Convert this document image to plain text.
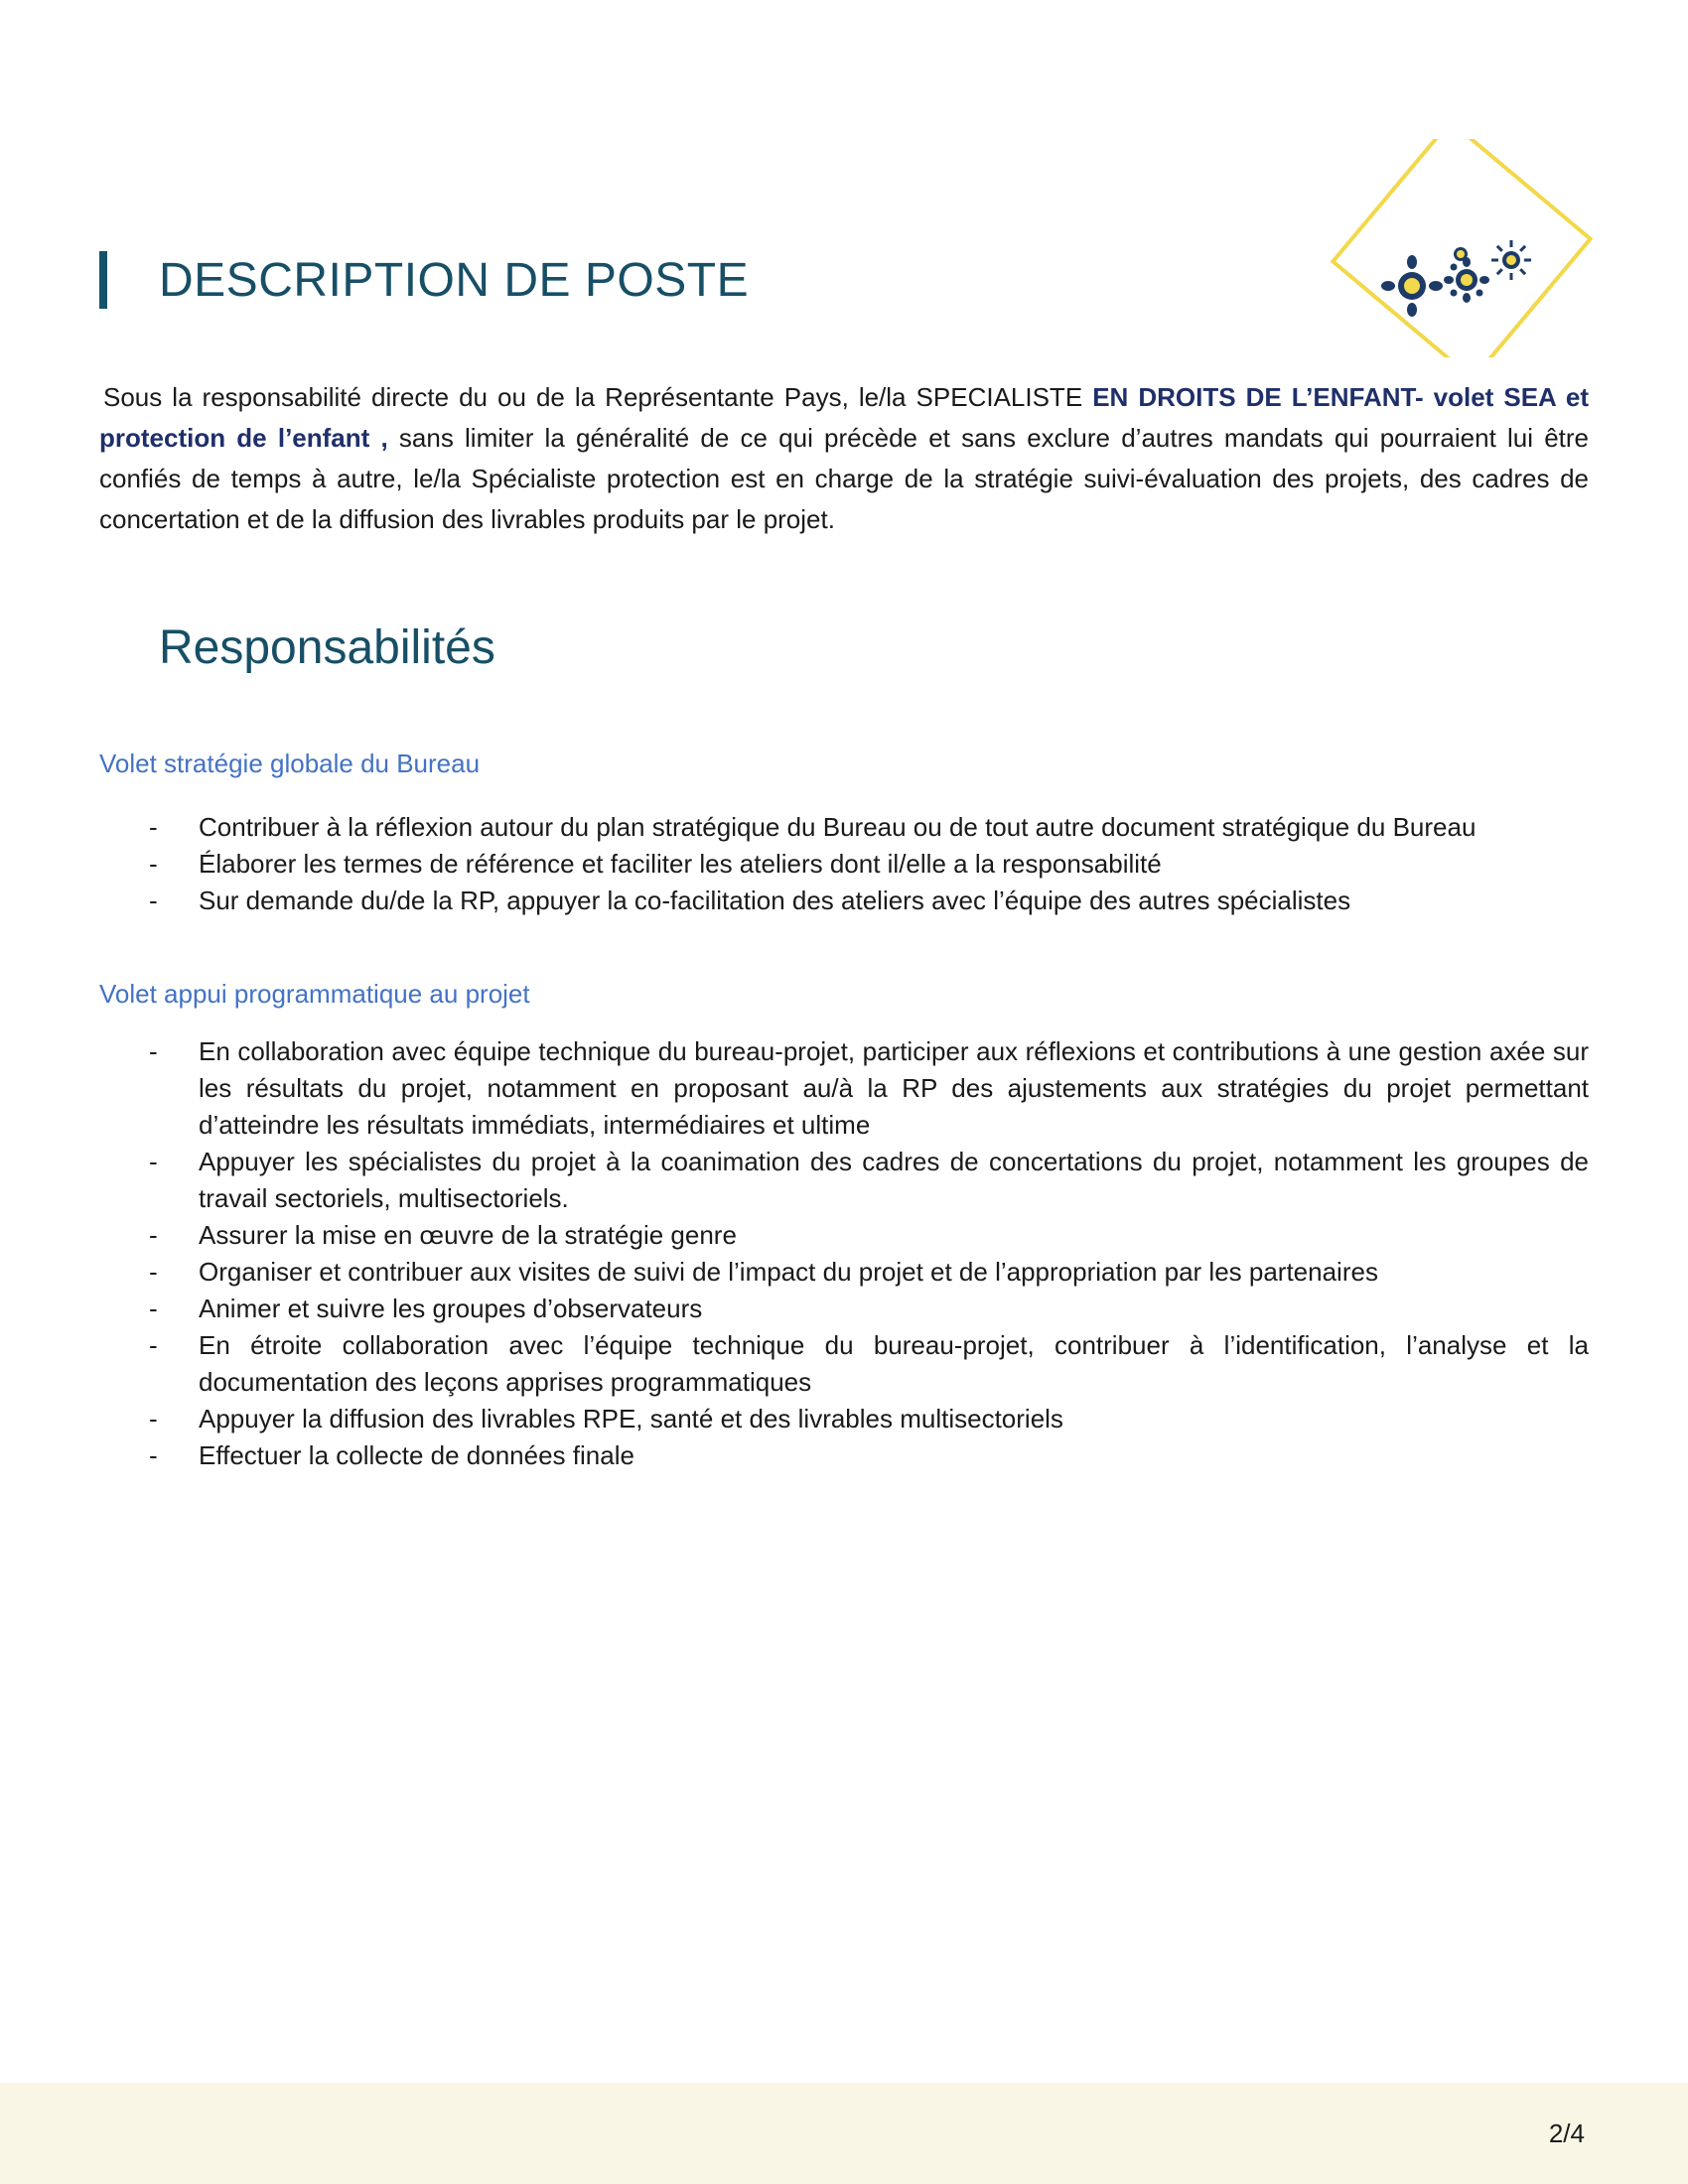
DESCRIPTION DE POSTE
Sous la responsabilité directe du ou de la Représentante Pays, le/la SPECIALISTE EN DROITS DE L’ENFANT- volet SEA et protection de l’enfant , sans limiter la généralité de ce qui précède et sans exclure d’autres mandats qui pourraient lui être confiés de temps à autre, le/la Spécialiste protection est en charge de la stratégie suivi-évaluation des projets, des cadres de concertation et de la diffusion des livrables produits par le projet.
Responsabilités
Volet stratégie globale du Bureau
- Contribuer à la réflexion autour du plan stratégique du Bureau ou de tout autre document stratégique du Bureau
- Élaborer les termes de référence et faciliter les ateliers dont il/elle a la responsabilité
- Sur demande du/de la RP, appuyer la co-facilitation des ateliers avec l’équipe des autres spécialistes
Volet appui programmatique au projet
- En collaboration avec équipe technique du bureau-projet, participer aux réflexions et contributions à une gestion axée sur les résultats du projet, notamment en proposant au/à la RP des ajustements aux stratégies du projet permettant d’atteindre les résultats immédiats, intermédiaires et ultime
- Appuyer les spécialistes du projet à la coanimation des cadres de concertations du projet, notamment les groupes de travail sectoriels, multisectoriels.
- Assurer la mise en œuvre de la stratégie genre
- Organiser et contribuer aux visites de suivi de l’impact du projet et de l’appropriation par les partenaires
- Animer et suivre les groupes d’observateurs
- En étroite collaboration avec l’équipe technique du bureau-projet, contribuer à l’identification, l’analyse et la documentation des leçons apprises programmatiques
- Appuyer la diffusion des livrables RPE, santé et des livrables multisectoriels
- Effectuer la collecte de données finale
2/4
